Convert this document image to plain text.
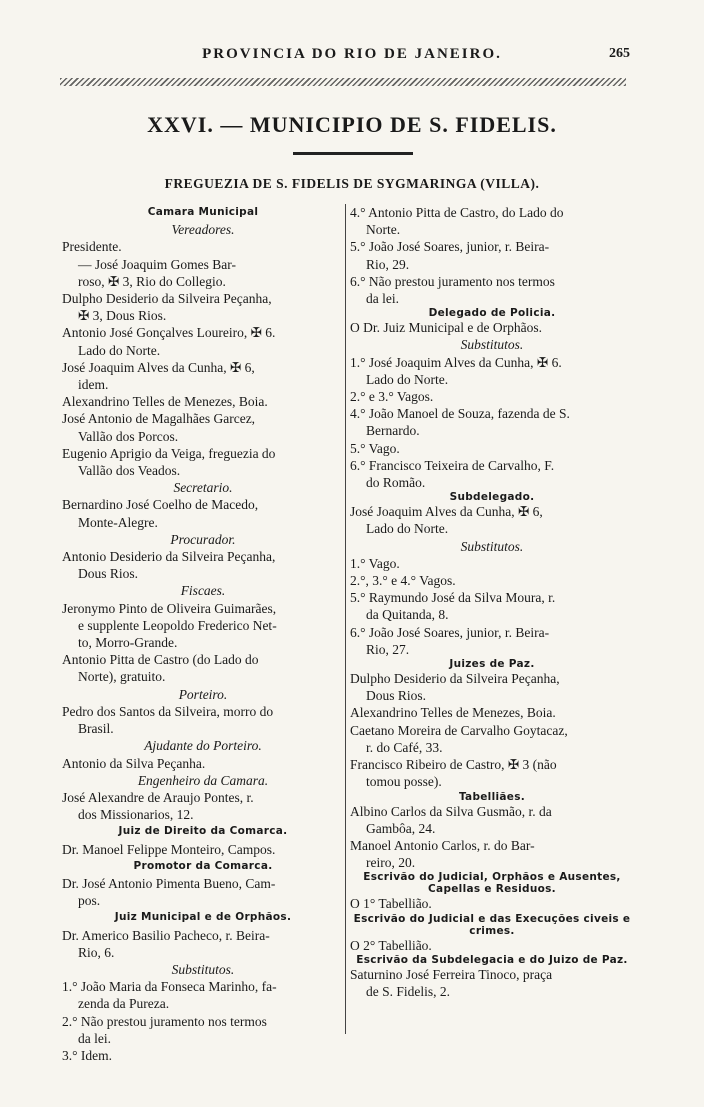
PROVINCIA DO RIO DE JANEIRO.	265
XXVI. — MUNICIPIO DE S. FIDELIS.
FREGUEZIA DE S. FIDELIS DE SYGMARINGA (VILLA).
Camara Municipal
Vereadores.
Presidente.
— José Joaquim Gomes Bar-
roso, ✠ 3, Rio do Collegio.
Dulpho Desiderio da Silveira Peçanha,
✠ 3, Dous Rios.
Antonio José Gonçalves Loureiro, ✠ 6.
Lado do Norte.
José Joaquim Alves da Cunha, ✠ 6,
idem.
Alexandrino Telles de Menezes, Boia.
José Antonio de Magalhães Garcez,
Vallão dos Porcos.
Eugenio Aprigio da Veiga, freguezia do
Vallão dos Veados.
Secretario.
Bernardino José Coelho de Macedo,
Monte-Alegre.
Procurador.
Antonio Desiderio da Silveira Peçanha,
Dous Rios.
Fiscaes.
Jeronymo Pinto de Oliveira Guimarães,
e supplente Leopoldo Frederico Net-
to, Morro-Grande.
Antonio Pitta de Castro (do Lado do
Norte), gratuito.
Porteiro.
Pedro dos Santos da Silveira, morro do
Brasil.
Ajudante do Porteiro.
Antonio da Silva Peçanha.
Engenheiro da Camara.
José Alexandre de Araujo Pontes, r.
dos Missionarios, 12.
Juiz de Direito da Comarca.
Dr. Manoel Felippe Monteiro, Campos.
Promotor da Comarca.
Dr. José Antonio Pimenta Bueno, Cam-
pos.
Juiz Municipal e de Orphãos.
Dr. Americo Basilio Pacheco, r. Beira-
Rio, 6.
Substitutos.
1.° João Maria da Fonseca Marinho, fa-
zenda da Pureza.
2.° Não prestou juramento nos termos
da lei.
3.° Idem.
4.° Antonio Pitta de Castro, do Lado do
Norte.
5.° João José Soares, junior, r. Beira-
Rio, 29.
6.° Não prestou juramento nos termos
da lei.
Delegado de Policia.
O Dr. Juiz Municipal e de Orphãos.
Substitutos.
1.° José Joaquim Alves da Cunha, ✠ 6.
Lado do Norte.
2.° e 3.° Vagos.
4.° João Manoel de Souza, fazenda de S.
Bernardo.
5.° Vago.
6.° Francisco Teixeira de Carvalho, F.
do Romão.
Subdelegado.
José Joaquim Alves da Cunha, ✠ 6,
Lado do Norte.
Substitutos.
1.° Vago.
2.°, 3.° e 4.° Vagos.
5.° Raymundo José da Silva Moura, r.
da Quitanda, 8.
6.° João José Soares, junior, r. Beira-
Rio, 27.
Juizes de Paz.
Dulpho Desiderio da Silveira Peçanha,
Dous Rios.
Alexandrino Telles de Menezes, Boia.
Caetano Moreira de Carvalho Goytacaz,
r. do Café, 33.
Francisco Ribeiro de Castro, ✠ 3 (não
tomou posse).
Tabelliães.
Albino Carlos da Silva Gusmão, r. da
Gambôa, 24.
Manoel Antonio Carlos, r. do Bar-
reiro, 20.
Escrivão do Judicial, Orphãos e Ausentes, Capellas e Residuos.
O 1° Tabellião.
Escrivão do Judicial e das Execuções civeis e crimes.
O 2° Tabellião.
Escrivão da Subdelegacia e do Juizo de Paz.
Saturnino José Ferreira Tinoco, praça
de S. Fidelis, 2.
